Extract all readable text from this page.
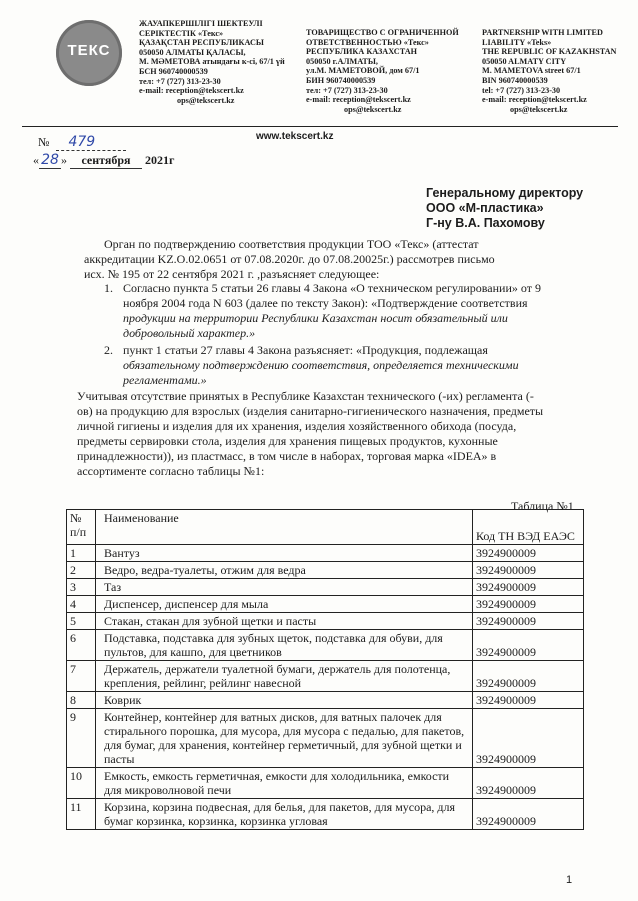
ТЕКС
ЖАУАПКЕРШІЛІГІ ШЕКТЕУЛІ
СЕРІКТЕСТІК «Текс»
ҚАЗАҚСТАН РЕСПУБЛИКАСЫ
050050 АЛМАТЫ ҚАЛАСЫ,
М. МӘМЕТОВА атындағы к-сі, 67/1 үй
БСН 960740000539
тел: +7 (727) 313-23-30
e-mail: reception@tekscert.kz
ops@tekscert.kz
ТОВАРИЩЕСТВО С ОГРАНИЧЕННОЙ
ОТВЕТСТВЕННОСТЬЮ «Текс»
РЕСПУБЛИКА КАЗАХСТАН
050050 г.АЛМАТЫ,
ул.М. МАМЕТОВОЙ, дом 67/1
БИН 960740000539
тел: +7 (727) 313-23-30
e-mail: reception@tekscert.kz
ops@tekscert.kz
PARTNERSHIP WITH LIMITED
LIABILITY «Teks»
THE REPUBLIC OF KAZAKHSTAN
050050 ALMATY CITY
M. MAMETOVA street 67/1
BIN 960740000539
tel: +7 (727) 313-23-30
e-mail: reception@tekscert.kz
ops@tekscert.kz
www.tekscert.kz
№ 479
« 28 » сентября 2021г
Генеральному директору
ООО «М-пластика»
Г-ну В.А. Пахомову
Орган по подтверждению соответствия продукции ТОО «Текс» (аттестат
аккредитации KZ.О.02.0651 от 07.08.2020г. до 07.08.20025г.) рассмотрев письмо
исх. № 195 от 22 сентября 2021 г. ,разъясняет следующее:
1. Согласно пункта 5 статьи 26 главы 4 Закона «О техническом регулировании» от 9
ноября 2004 года N 603 (далее по тексту Закон): «Подтверждение соответствия
продукции на территории Республики Казахстан носит обязательный или
добровольный характер.»
2. пункт 1 статьи 27 главы 4 Закона разъясняет: «Продукция, подлежащая
обязательному подтверждению соответствия, определяется техническими
регламентами.»
Учитывая отсутствие принятых в Республике Казахстан технического (-их) регламента (-
ов) на продукцию для взрослых (изделия санитарно-гигиенического назначения, предметы
личной гигиены и изделия для их хранения, изделия хозяйственного обихода (посуда,
предметы сервировки стола, изделия для хранения пищевых продуктов, кухонные
принадлежности)), из пластмасс, в том числе в наборах, торговая марка «IDEA» в
ассортименте согласно таблицы №1:
Таблица №1
№ п/п	Наименование	Код ТН ВЭД ЕАЭС
1	Вантуз	3924900009
2	Ведро, ведра-туалеты, отжим для ведра	3924900009
3	Таз	3924900009
4	Диспенсер, диспенсер для мыла	3924900009
5	Стакан, стакан для зубной щетки и пасты	3924900009
6	Подставка, подставка для зубных щеток, подставка для обуви, для пультов, для кашпо, для цветников	3924900009
7	Держатель, держатели туалетной бумаги, держатель для полотенца, крепления, рейлинг, рейлинг навесной	3924900009
8	Коврик	3924900009
9	Контейнер, контейнер для ватных дисков, для ватных палочек для стирального порошка, для мусора, для мусора с педалью, для пакетов, для бумаг, для хранения, контейнер герметичный, для зубной щетки и пасты	3924900009
10	Емкость, емкость герметичная, емкости для холодильника, емкости для микроволновой печи	3924900009
11	Корзина, корзина подвесная, для белья, для пакетов, для мусора, для бумаг корзинка, корзинка, корзинка угловая	3924900009
1
